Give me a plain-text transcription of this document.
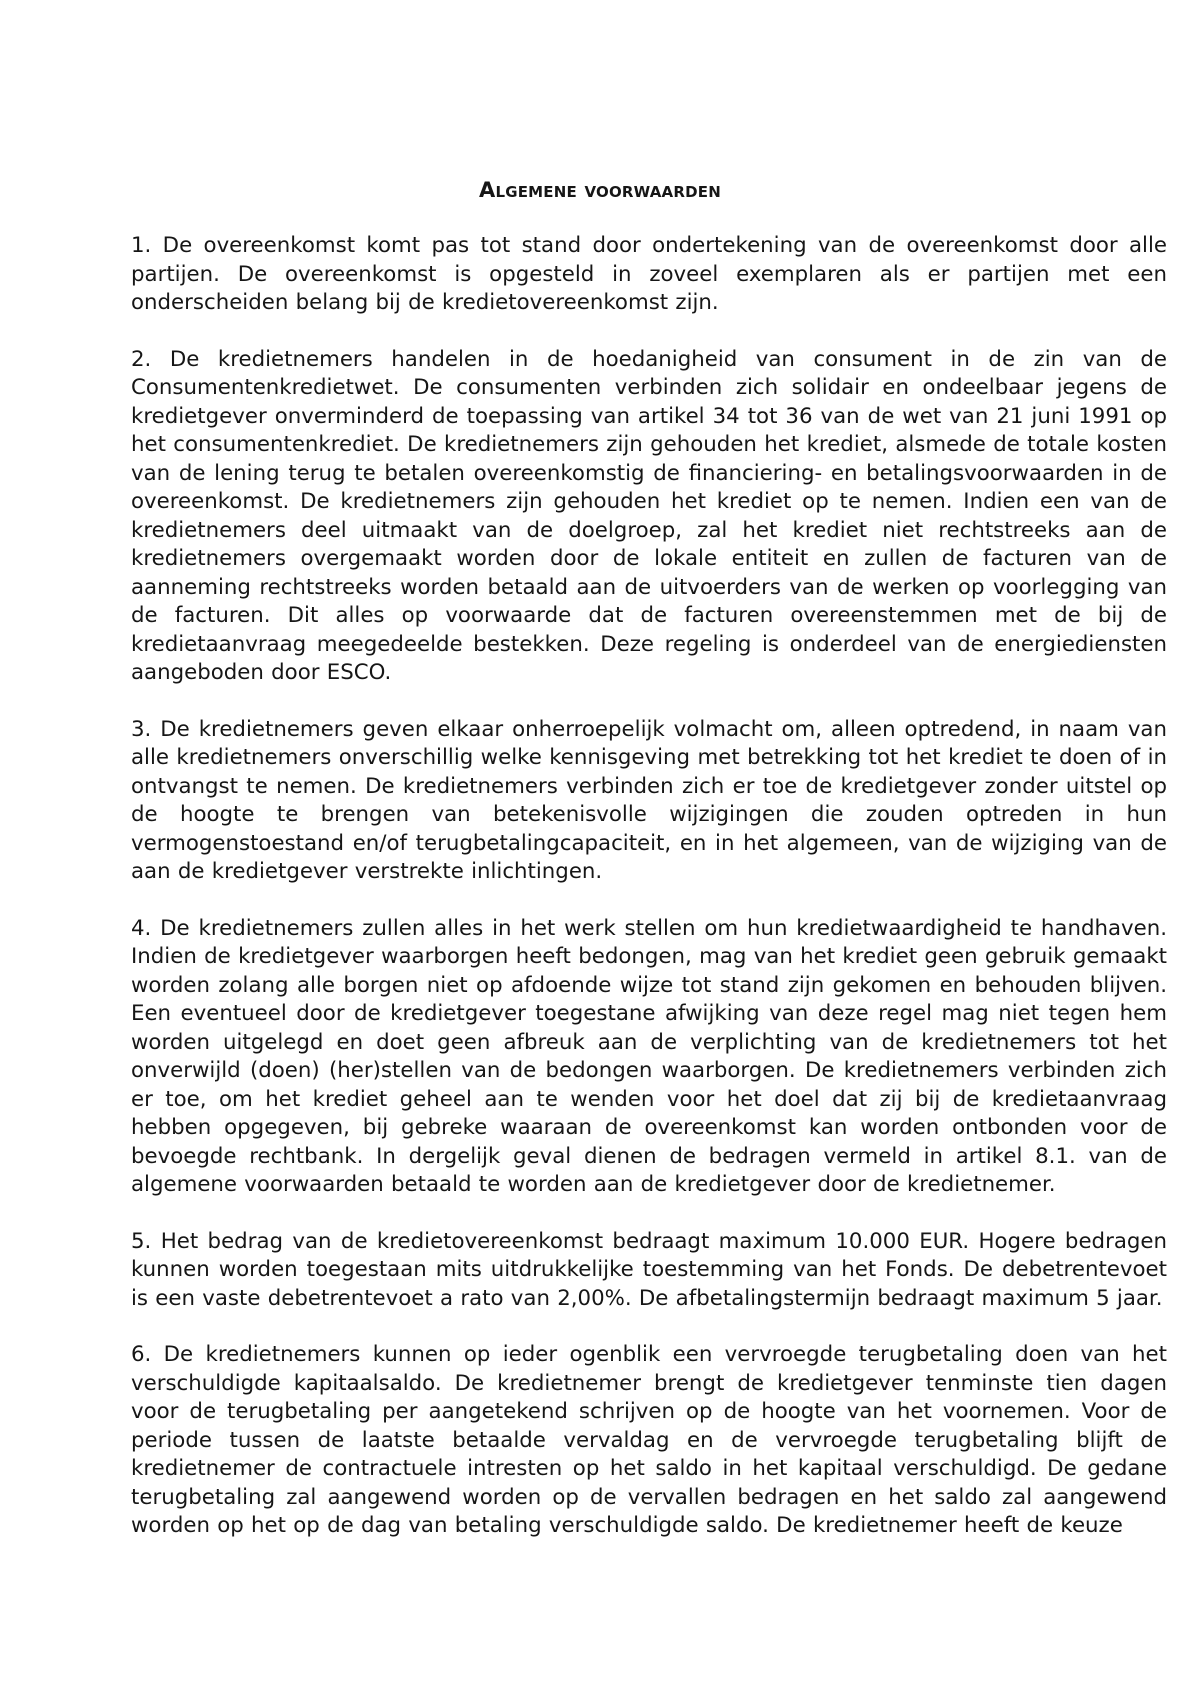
Algemene voorwaarden

1. De overeenkomst komt pas tot stand door ondertekening van de overeenkomst door alle partijen. De overeenkomst is opgesteld in zoveel exemplaren als er partijen met een onderscheiden belang bij de kredietovereenkomst zijn.

2. De kredietnemers handelen in de hoedanigheid van consument in de zin van de Consumentenkredietwet. De consumenten verbinden zich solidair en ondeelbaar jegens de kredietgever onverminderd de toepassing van artikel 34 tot 36 van de wet van 21 juni 1991 op het consumentenkrediet. De kredietnemers zijn gehouden het krediet, alsmede de totale kosten van de lening terug te betalen overeenkomstig de financiering- en betalingsvoorwaarden in de overeenkomst. De kredietnemers zijn gehouden het krediet op te nemen. Indien een van de kredietnemers deel uitmaakt van de doelgroep, zal het krediet niet rechtstreeks aan de kredietnemers overgemaakt worden door de lokale entiteit en zullen de facturen van de aanneming rechtstreeks worden betaald aan de uitvoerders van de werken op voorlegging van de facturen. Dit alles op voorwaarde dat de facturen overeenstemmen met de bij de kredietaanvraag meegedeelde bestekken. Deze regeling is onderdeel van de energiediensten aangeboden door ESCO.

3. De kredietnemers geven elkaar onherroepelijk volmacht om, alleen optredend, in naam van alle kredietnemers onverschillig welke kennisgeving met betrekking tot het krediet te doen of in ontvangst te nemen. De kredietnemers verbinden zich er toe de kredietgever zonder uitstel op de hoogte te brengen van betekenisvolle wijzigingen die zouden optreden in hun vermogenstoestand en/of terugbetalingcapaciteit, en in het algemeen, van de wijziging van de aan de kredietgever verstrekte inlichtingen.

4. De kredietnemers zullen alles in het werk stellen om hun kredietwaardigheid te handhaven. Indien de kredietgever waarborgen heeft bedongen, mag van het krediet geen gebruik gemaakt worden zolang alle borgen niet op afdoende wijze tot stand zijn gekomen en behouden blijven. Een eventueel door de kredietgever toegestane afwijking van deze regel mag niet tegen hem worden uitgelegd en doet geen afbreuk aan de verplichting van de kredietnemers tot het onverwijld (doen) (her)stellen van de bedongen waarborgen. De kredietnemers verbinden zich er toe, om het krediet geheel aan te wenden voor het doel dat zij bij de kredietaanvraag hebben opgegeven, bij gebreke waaraan de overeenkomst kan worden ontbonden voor de bevoegde rechtbank. In dergelijk geval dienen de bedragen vermeld in artikel 8.1. van de algemene voorwaarden betaald te worden aan de kredietgever door de kredietnemer.

5. Het bedrag van de kredietovereenkomst bedraagt maximum 10.000 EUR. Hogere bedragen kunnen worden toegestaan mits uitdrukkelijke toestemming van het Fonds. De debetrentevoet is een vaste debetrentevoet a rato van 2,00%. De afbetalingstermijn bedraagt maximum 5 jaar.

6. De kredietnemers kunnen op ieder ogenblik een vervroegde terugbetaling doen van het verschuldigde kapitaalsaldo. De kredietnemer brengt de kredietgever tenminste tien dagen voor de terugbetaling per aangetekend schrijven op de hoogte van het voornemen. Voor de periode tussen de laatste betaalde vervaldag en de vervroegde terugbetaling blijft de kredietnemer de contractuele intresten op het saldo in het kapitaal verschuldigd. De gedane terugbetaling zal aangewend worden op de vervallen bedragen en het saldo zal aangewend worden op het op de dag van betaling verschuldigde saldo. De kredietnemer heeft de keuze
